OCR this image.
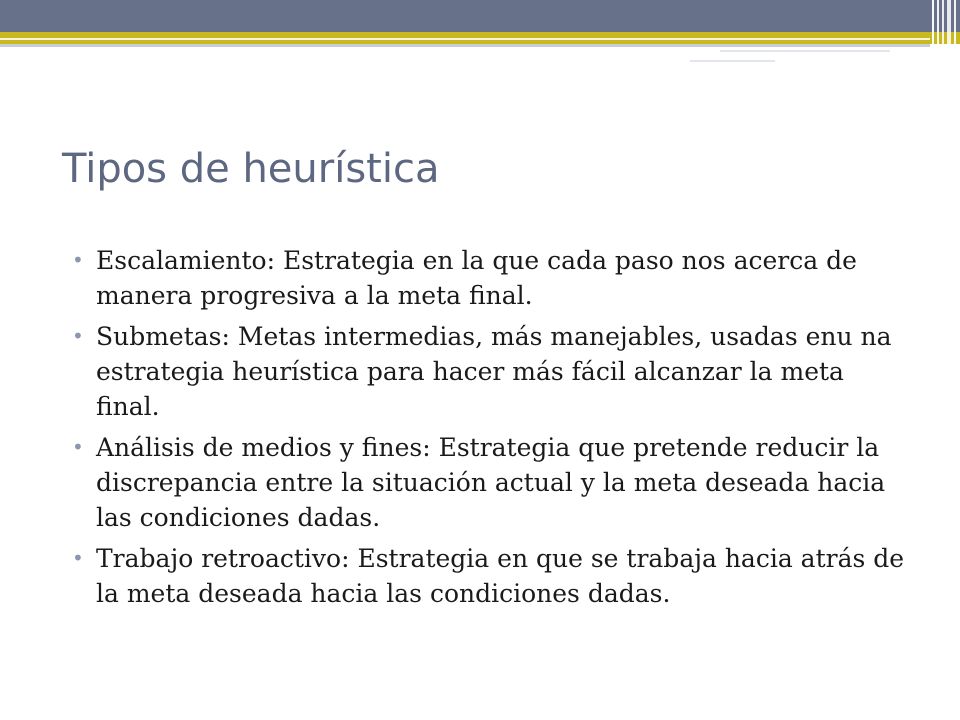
Tipos de heurística
• Escalamiento: Estrategia en la que cada paso nos acerca de manera progresiva a la meta final.
• Submetas: Metas intermedias, más manejables, usadas enu na estrategia heurística para hacer más fácil alcanzar la meta final.
• Análisis de medios y fines: Estrategia que pretende reducir la discrepancia entre la situación actual y la meta deseada hacia las condiciones dadas.
• Trabajo retroactivo: Estrategia en que se trabaja hacia atrás de la meta deseada hacia las condiciones dadas.
